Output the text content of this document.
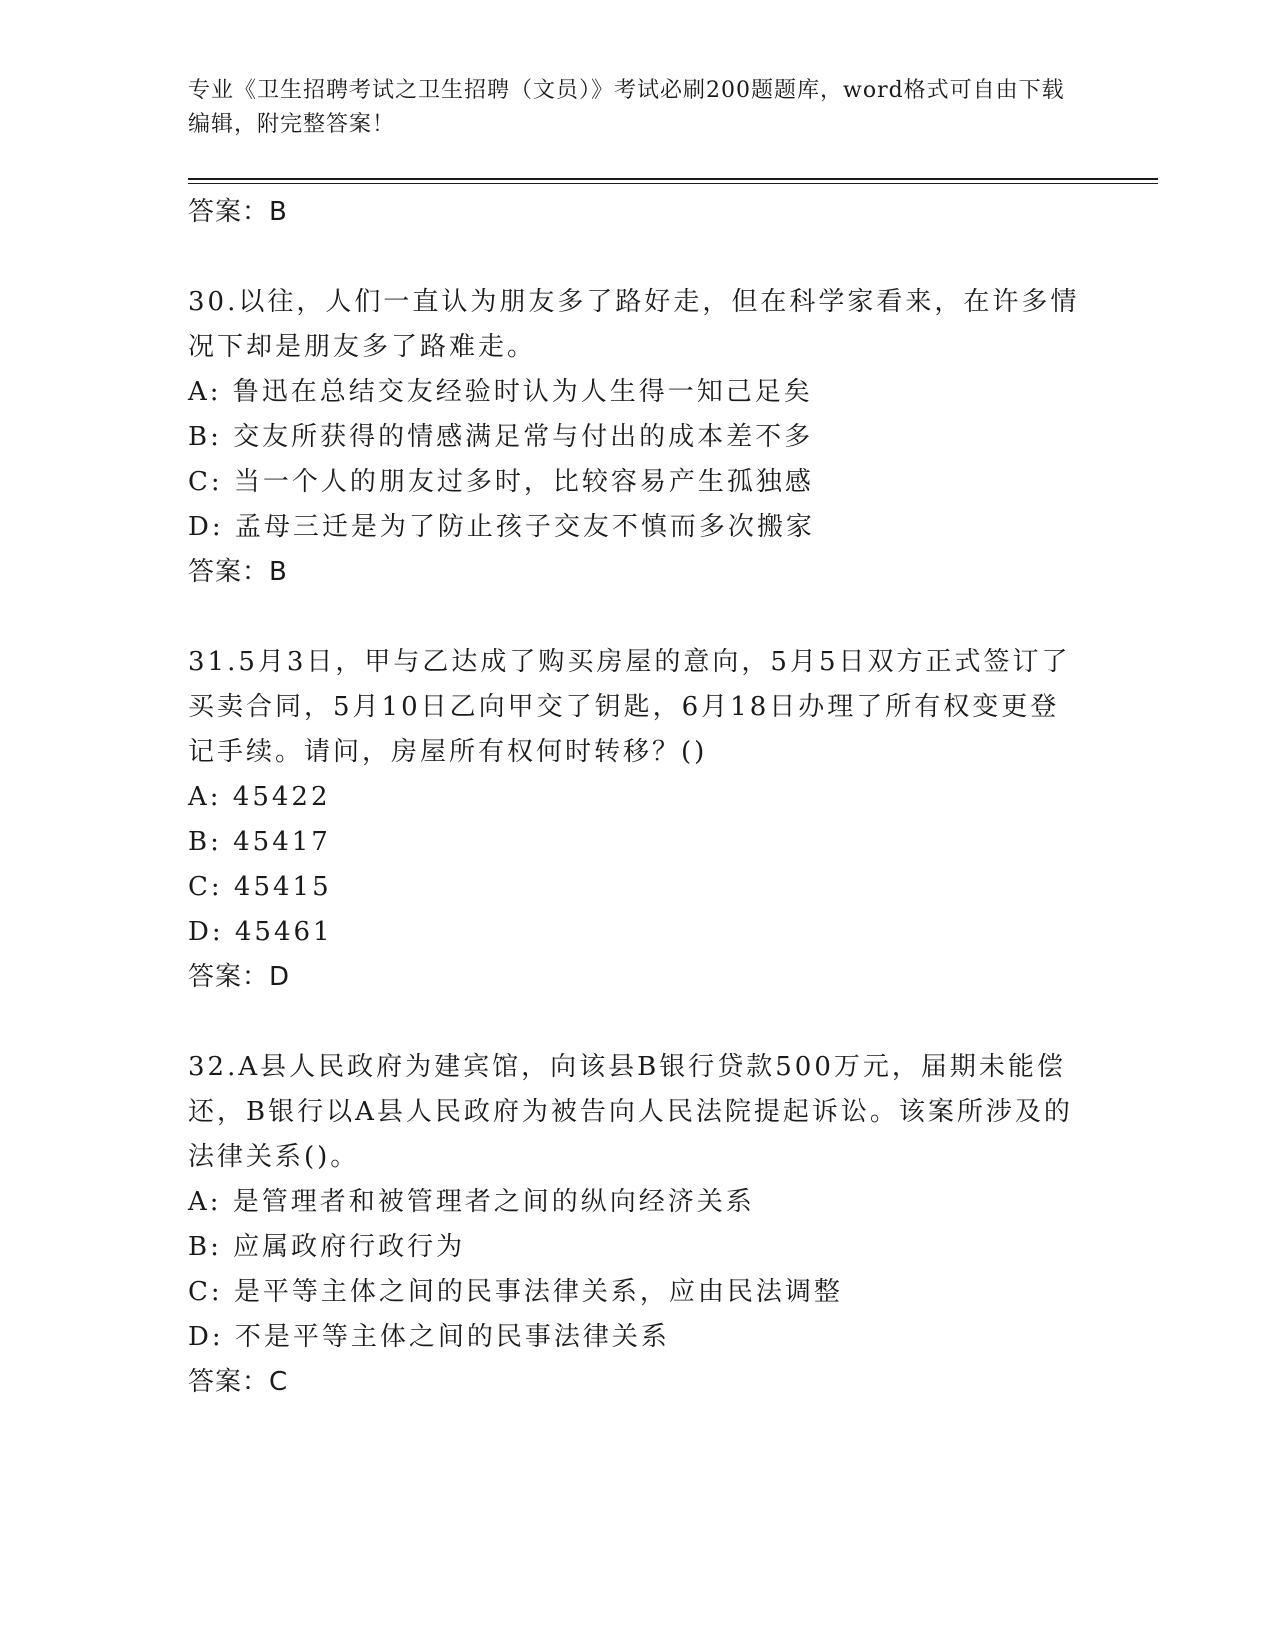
专业《卫生招聘考试之卫生招聘（文员）》考试必刷200题题库，word格式可自由下载编辑，附完整答案！
答案：B

30.以往，人们一直认为朋友多了路好走，但在科学家看来，在许多情况下却是朋友多了路难走。

A: 鲁迅在总结交友经验时认为人生得一知己足矣
B: 交友所获得的情感满足常与付出的成本差不多
C: 当一个人的朋友过多时，比较容易产生孤独感
D: 孟母三迁是为了防止孩子交友不慎而多次搬家
答案：B

31.5月3日，甲与乙达成了购买房屋的意向，5月5日双方正式签订了买卖合同，5月10日乙向甲交了钥匙，6月18日办理了所有权变更登记手续。请问，房屋所有权何时转移？()

A: 45422
B: 45417
C: 45415
D: 45461
答案：D

32.A县人民政府为建宾馆，向该县B银行贷款500万元，届期未能偿还，B银行以A县人民政府为被告向人民法院提起诉讼。该案所涉及的法律关系()。

A: 是管理者和被管理者之间的纵向经济关系
B: 应属政府行政行为
C: 是平等主体之间的民事法律关系，应由民法调整
D: 不是平等主体之间的民事法律关系
答案：C
